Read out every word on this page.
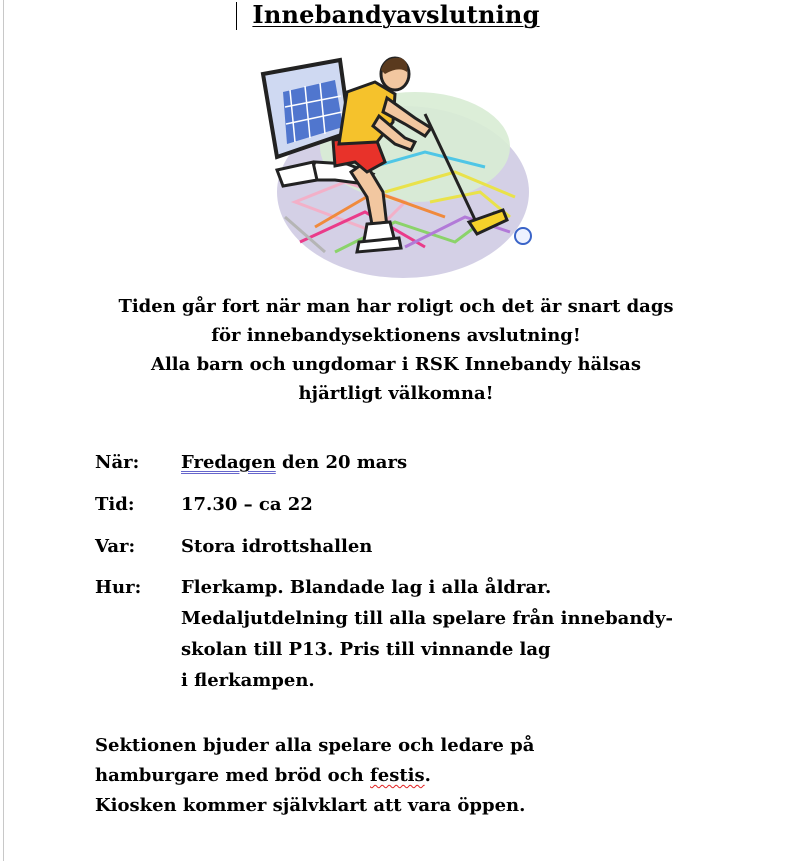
Innebandyavslutning
Tiden går fort när man har roligt och det är snart dags
för innebandysektionens avslutning!
Alla barn och ungdomar i RSK Innebandy hälsas
hjärtligt välkomna!
När: Fredagen den 20 mars
Tid:	17.30 – ca 22
Var:	Stora idrottshallen
Hur: Flerkamp. Blandade lag i alla åldrar.
Medaljutdelning till alla spelare från innebandy-
skolan till P13. Pris till vinnande lag
i flerkampen.
Sektionen bjuder alla spelare och ledare på
hamburgare med bröd och festis.
Kiosken kommer självklart att vara öppen.
